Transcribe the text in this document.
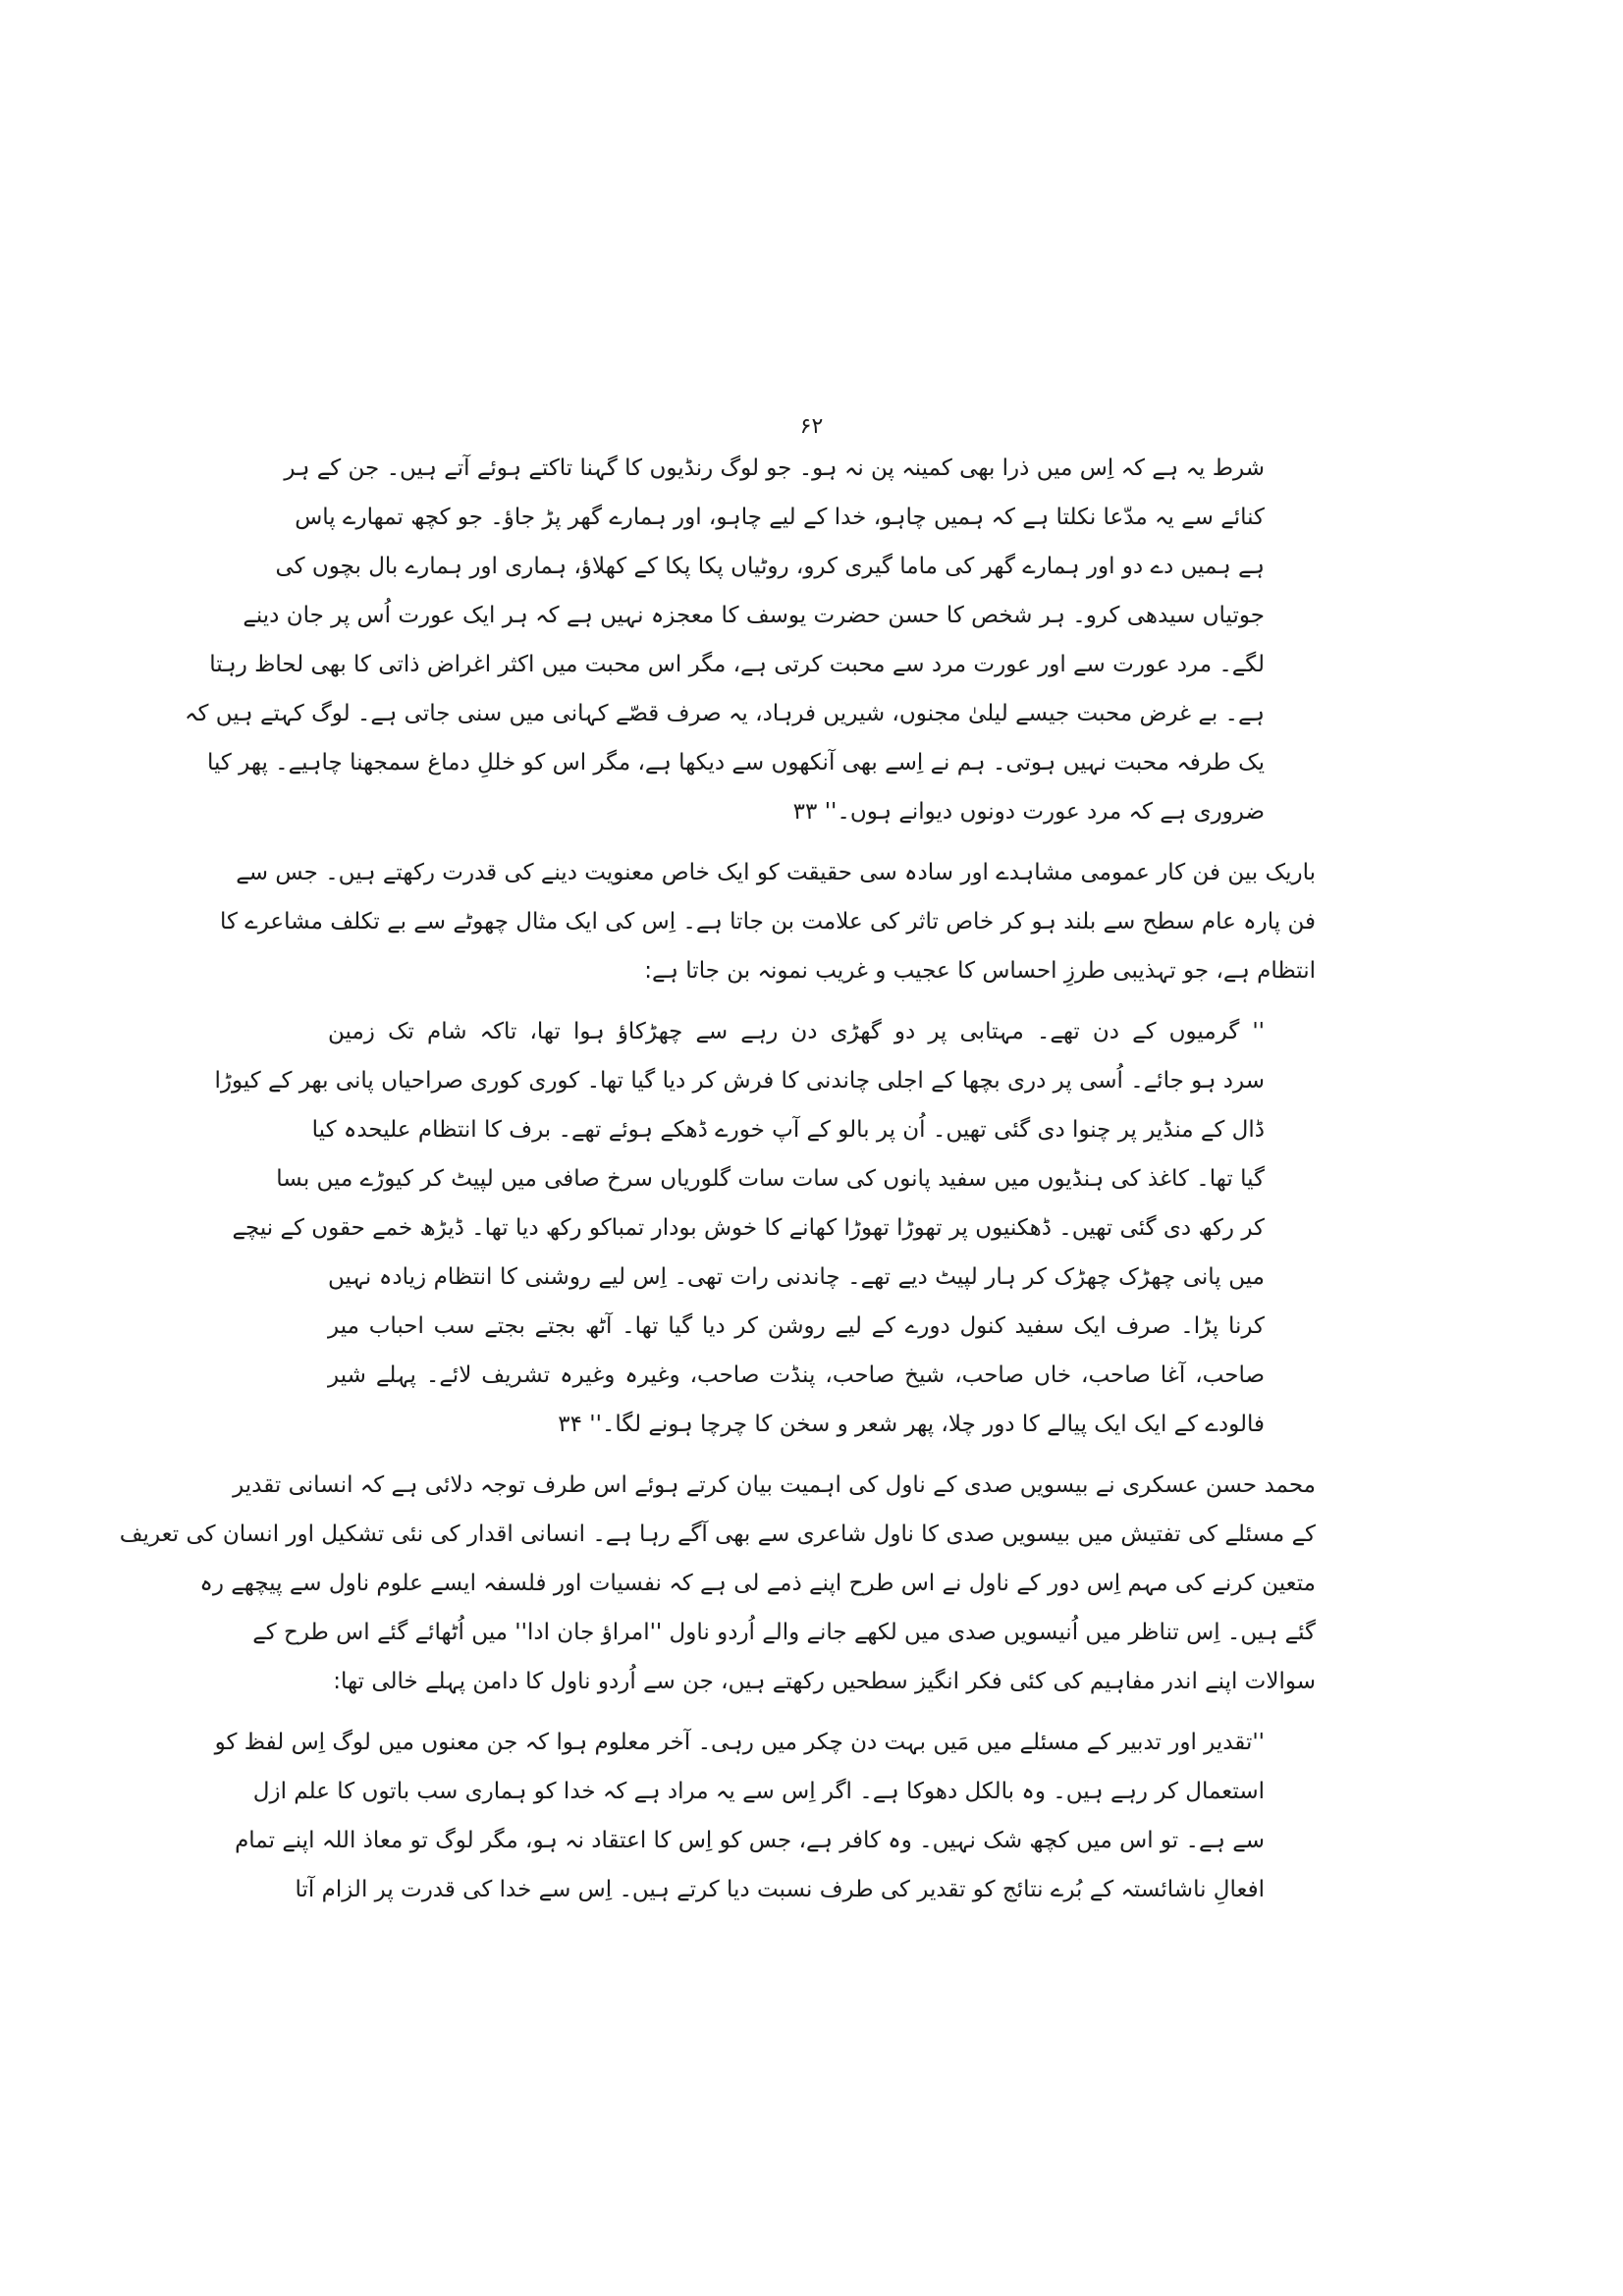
۶۲
شرط یہ ہے کہ اِس میں ذرا بھی کمینہ پن نہ ہو۔ جو لوگ رنڈیوں کا گہنا تاکتے ہوئے آتے ہیں۔ جن کے ہر
کنائے سے یہ مدّعا نکلتا ہے کہ ہمیں چاہو، خدا کے لیے چاہو، اور ہمارے گھر پڑ جاؤ۔ جو کچھ تمھارے پاس
ہے ہمیں دے دو اور ہمارے گھر کی ماما گیری کرو، روٹیاں پکا پکا کے کھلاؤ، ہماری اور ہمارے بال بچوں کی
جوتیاں سیدھی کرو۔ ہر شخص کا حسن حضرت یوسف کا معجزہ نہیں ہے کہ ہر ایک عورت اُس پر جان دینے
لگے۔ مرد عورت سے اور عورت مرد سے محبت کرتی ہے، مگر اس محبت میں اکثر اغراض ذاتی کا بھی لحاظ رہتا
ہے۔ بے غرض محبت جیسے لیلیٰ مجنوں، شیریں فرہاد، یہ صرف قصّے کہانی میں سنی جاتی ہے۔ لوگ کہتے ہیں کہ
یک طرفہ محبت نہیں ہوتی۔ ہم نے اِسے بھی آنکھوں سے دیکھا ہے، مگر اس کو خللِ دماغ سمجھنا چاہیے۔ پھر کیا
ضروری ہے کہ مرد عورت دونوں دیوانے ہوں۔'' ۳۳
باریک بین فن کار عمومی مشاہدے اور سادہ سی حقیقت کو ایک خاص معنویت دینے کی قدرت رکھتے ہیں۔ جس سے
فن پارہ عام سطح سے بلند ہو کر خاص تاثر کی علامت بن جاتا ہے۔ اِس کی ایک مثال چھوٹے سے بے تکلف مشاعرے کا
انتظام ہے، جو تہذیبی طرزِ احساس کا عجیب و غریب نمونہ بن جاتا ہے:
'' گرمیوں کے دن تھے۔ مہتابی پر دو گھڑی دن رہے سے چھڑکاؤ ہوا تھا، تاکہ شام تک زمین
سرد ہو جائے۔ اُسی پر دری بچھا کے اجلی چاندنی کا فرش کر دیا گیا تھا۔ کوری کوری صراحیاں پانی بھر کے کیوڑا
ڈال کے منڈیر پر چنوا دی گئی تھیں۔ اُن پر بالو کے آپ خورے ڈھکے ہوئے تھے۔ برف کا انتظام علیحدہ کیا
گیا تھا۔ کاغذ کی ہنڈیوں میں سفید پانوں کی سات سات گلوریاں سرخ صافی میں لپیٹ کر کیوڑے میں بسا
کر رکھ دی گئی تھیں۔ ڈھکنیوں پر تھوڑا تھوڑا کھانے کا خوش بودار تمباکو رکھ دیا تھا۔ ڈیڑھ خمے حقوں کے نیچے
میں پانی چھڑک چھڑک کر ہار لپیٹ دیے تھے۔ چاندنی رات تھی۔ اِس لیے روشنی کا انتظام زیادہ نہیں
کرنا پڑا۔ صرف ایک سفید کنول دورے کے لیے روشن کر دیا گیا تھا۔ آٹھ بجتے بجتے سب احباب میر
صاحب، آغا صاحب، خاں صاحب، شیخ صاحب، پنڈت صاحب، وغیرہ وغیرہ تشریف لائے۔ پہلے شیر
فالودے کے ایک ایک پیالے کا دور چلا، پھر شعر و سخن کا چرچا ہونے لگا۔'' ۳۴
محمد حسن عسکری نے بیسویں صدی کے ناول کی اہمیت بیان کرتے ہوئے اس طرف توجہ دلائی ہے کہ انسانی تقدیر
کے مسئلے کی تفتیش میں بیسویں صدی کا ناول شاعری سے بھی آگے رہا ہے۔ انسانی اقدار کی نئی تشکیل اور انسان کی تعریف
متعین کرنے کی مہم اِس دور کے ناول نے اس طرح اپنے ذمے لی ہے کہ نفسیات اور فلسفہ ایسے علوم ناول سے پیچھے رہ
گئے ہیں۔ اِس تناظر میں اُنیسویں صدی میں لکھے جانے والے اُردو ناول ''امراؤ جان ادا'' میں اُٹھائے گئے اس طرح کے
سوالات اپنے اندر مفاہیم کی کئی فکر انگیز سطحیں رکھتے ہیں، جن سے اُردو ناول کا دامن پہلے خالی تھا:
''تقدیر اور تدبیر کے مسئلے میں مَیں بہت دن چکر میں رہی۔ آخر معلوم ہوا کہ جن معنوں میں لوگ اِس لفظ کو
استعمال کر رہے ہیں۔ وہ بالکل دھوکا ہے۔ اگر اِس سے یہ مراد ہے کہ خدا کو ہماری سب باتوں کا علم ازل
سے ہے۔ تو اس میں کچھ شک نہیں۔ وہ کافر ہے، جس کو اِس کا اعتقاد نہ ہو، مگر لوگ تو معاذ اللہ اپنے تمام
افعالِ ناشائستہ کے بُرے نتائج کو تقدیر کی طرف نسبت دیا کرتے ہیں۔ اِس سے خدا کی قدرت پر الزام آتا
